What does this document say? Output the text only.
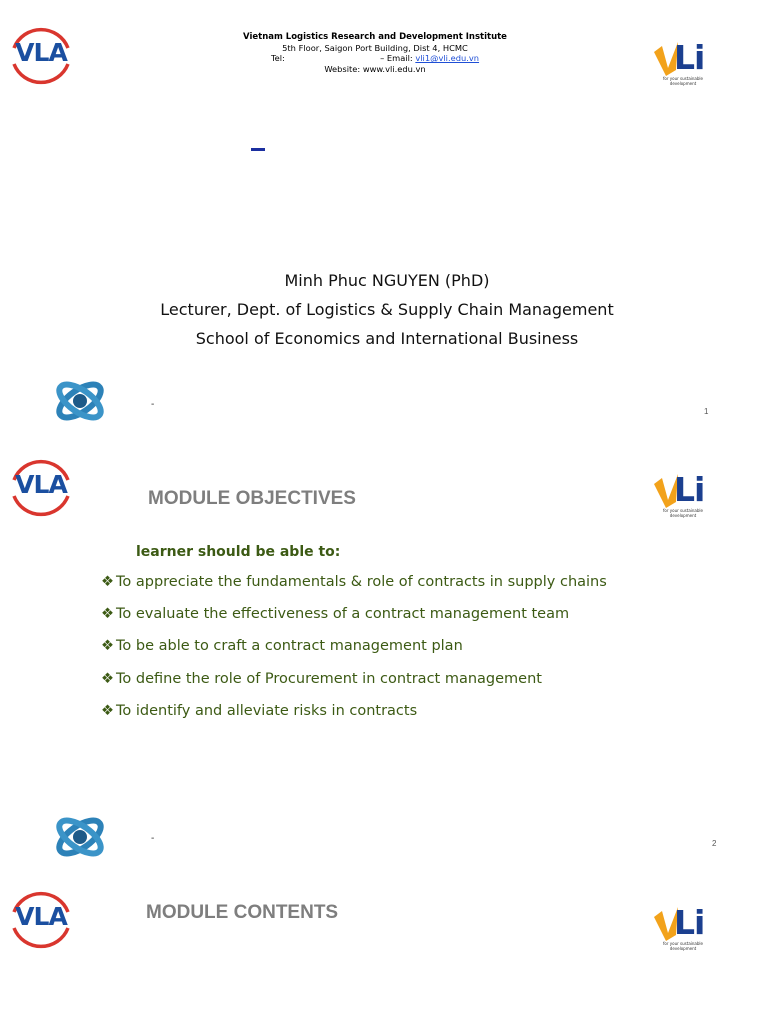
VLA
Vietnam Logistics Research and Development Institute
5th Floor, Saigon Port Building, Dist 4, HCMC
Tel:	– Email: vli1@vli.edu.vn
Website: www.vli.edu.vn	Li
for your sustainable development
Minh Phuc NGUYEN (PhD)
Lecturer, Dept. of Logistics & Supply Chain Management
School of Economics and International Business
-
1
VLA	MODULE OBJECTIVES	Li
for your sustainable development
learner should be able to:
❖ To appreciate the fundamentals & role of contracts in supply chains
❖ To evaluate the effectiveness of a contract management team
❖ To be able to craft a contract management plan
❖ To define the role of Procurement in contract management
❖ To identify and alleviate risks in contracts
-	2
VLA	MODULE CONTENTS	Li
for your sustainable development
